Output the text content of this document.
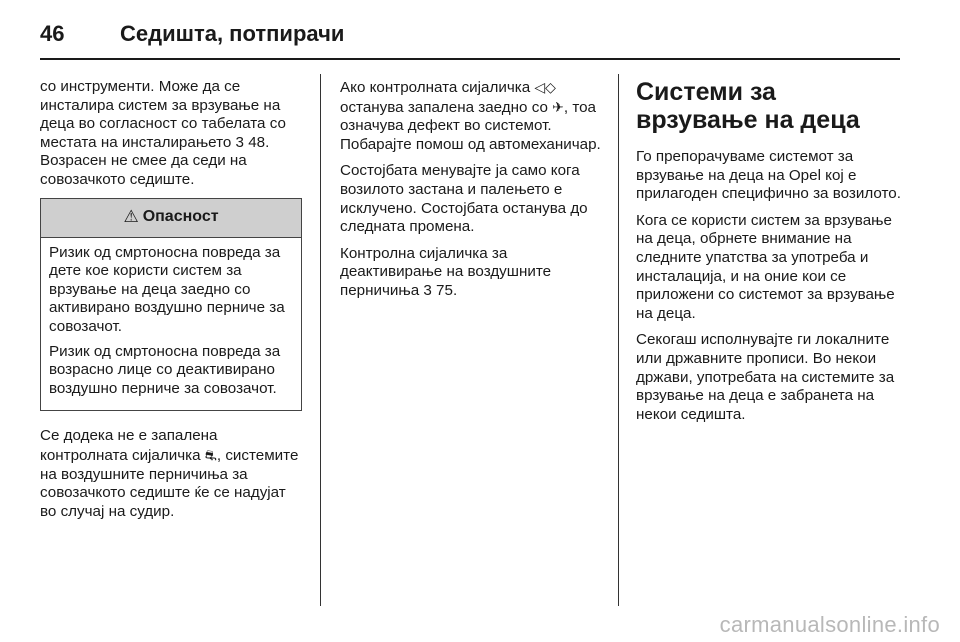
46	Седишта, потпирачи

со инструменти. Може да се инсталира систем за врзување на деца во согласност со табелата со местата на инсталирањето 3 48. Возрасен не смее да седи на совозачкото седиште.

⚠ Опасност

Ризик од смртоносна повреда за дете кое користи систем за врзување на деца заедно со активирано воздушно перниче за совозачот.

Ризик од смртоносна повреда за возрасно лице со деактивирано воздушно перниче за совозачот.

Се додека не е запалена контролната сијаличка ⛐, системите на воздушните перничиња за совозачкото седиште ќе се надујат во случај на судир.

Ако контролната сијаличка ◁◇ останува запалена заедно со ✈, тоа означува дефект во системот. Побарајте помош од автомеханичар.

Состојбата менувајте ја само кога возилото застана и палењето е исклучено. Состојбата останува до следната промена.

Контролна сијаличка за деактивирање на воздушните перничиња 3 75.

Системи за врзување на деца

Го препорачуваме системот за врзување на деца на Opel кој е прилагоден специфично за возилото.

Кога се користи систем за врзување на деца, обрнете внимание на следните упатства за употреба и инсталација, и на оние кои се приложени со системот за врзување на деца.

Секогаш исполнувајте ги локалните или државните прописи. Во некои држави, употребата на системите за врзување на деца е забранета на некои седишта.

carmanualsonline.info
